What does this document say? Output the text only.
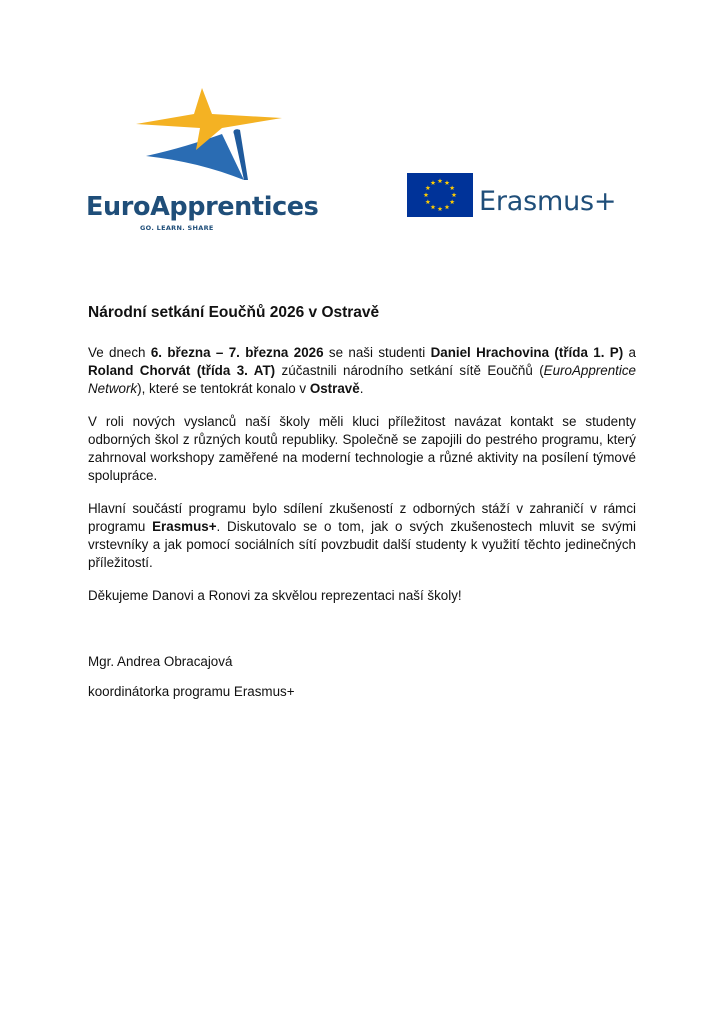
EuroApprentices
GO. LEARN. SHARE
Erasmus+
Národní setkání Eoučňů 2026 v Ostravě

Ve dnech 6. března – 7. března 2026 se naši studenti Daniel Hrachovina (třída 1. P) a Roland Chorvát (třída 3. AT) zúčastnili národního setkání sítě Eoučňů (EuroApprentice Network), které se tentokrát konalo v Ostravě.

V roli nových vyslanců naší školy měli kluci příležitost navázat kontakt se studenty odborných škol z různých koutů republiky. Společně se zapojili do pestrého programu, který zahrnoval workshopy zaměřené na moderní technologie a různé aktivity na posílení týmové spolupráce.

Hlavní součástí programu bylo sdílení zkušeností z odborných stáží v zahraničí v rámci programu Erasmus+. Diskutovalo se o tom, jak o svých zkušenostech mluvit se svými vrstevníky a jak pomocí sociálních sítí povzbudit další studenty k využití těchto jedinečných příležitostí.

Děkujeme Danovi a Ronovi za skvělou reprezentaci naší školy!

Mgr. Andrea Obracajová

koordinátorka programu Erasmus+
